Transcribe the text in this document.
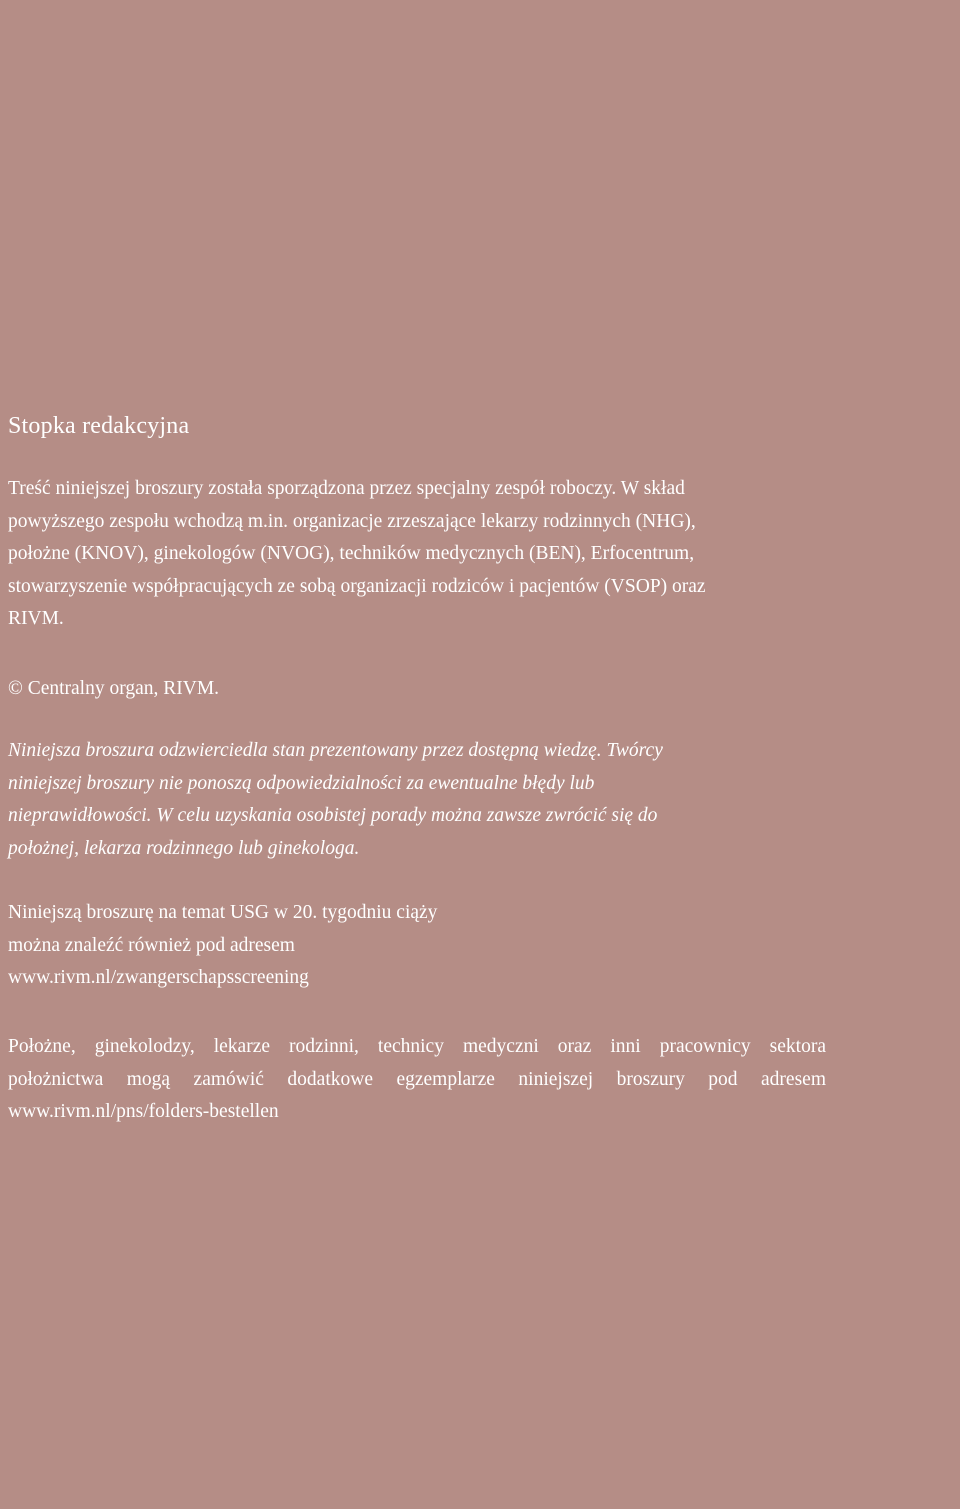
Stopka redakcyjna

Treść niniejszej broszury została sporządzona przez specjalny zespół roboczy. W skład
powyższego zespołu wchodzą m.in. organizacje zrzeszające lekarzy rodzinnych (NHG),
położne (KNOV), ginekologów (NVOG), techników medycznych (BEN), Erfocentrum,
stowarzyszenie współpracujących ze sobą organizacji rodziców i pacjentów (VSOP) oraz
RIVM.

© Centralny organ, RIVM.

Niniejsza broszura odzwierciedla stan prezentowany przez dostępną wiedzę. Twórcy
niniejszej broszury nie ponoszą odpowiedzialności za ewentualne błędy lub
nieprawidłowości. W celu uzyskania osobistej porady można zawsze zwrócić się do
położnej, lekarza rodzinnego lub ginekologa.

Niniejszą broszurę na temat USG w 20. tygodniu ciąży
można znaleźć również pod adresem
www.rivm.nl/zwangerschapsscreening

Położne, ginekolodzy, lekarze rodzinni, technicy medyczni oraz inni pracownicy sektora
położnictwa mogą zamówić dodatkowe egzemplarze niniejszej broszury pod adresem
www.rivm.nl/pns/folders-bestellen
